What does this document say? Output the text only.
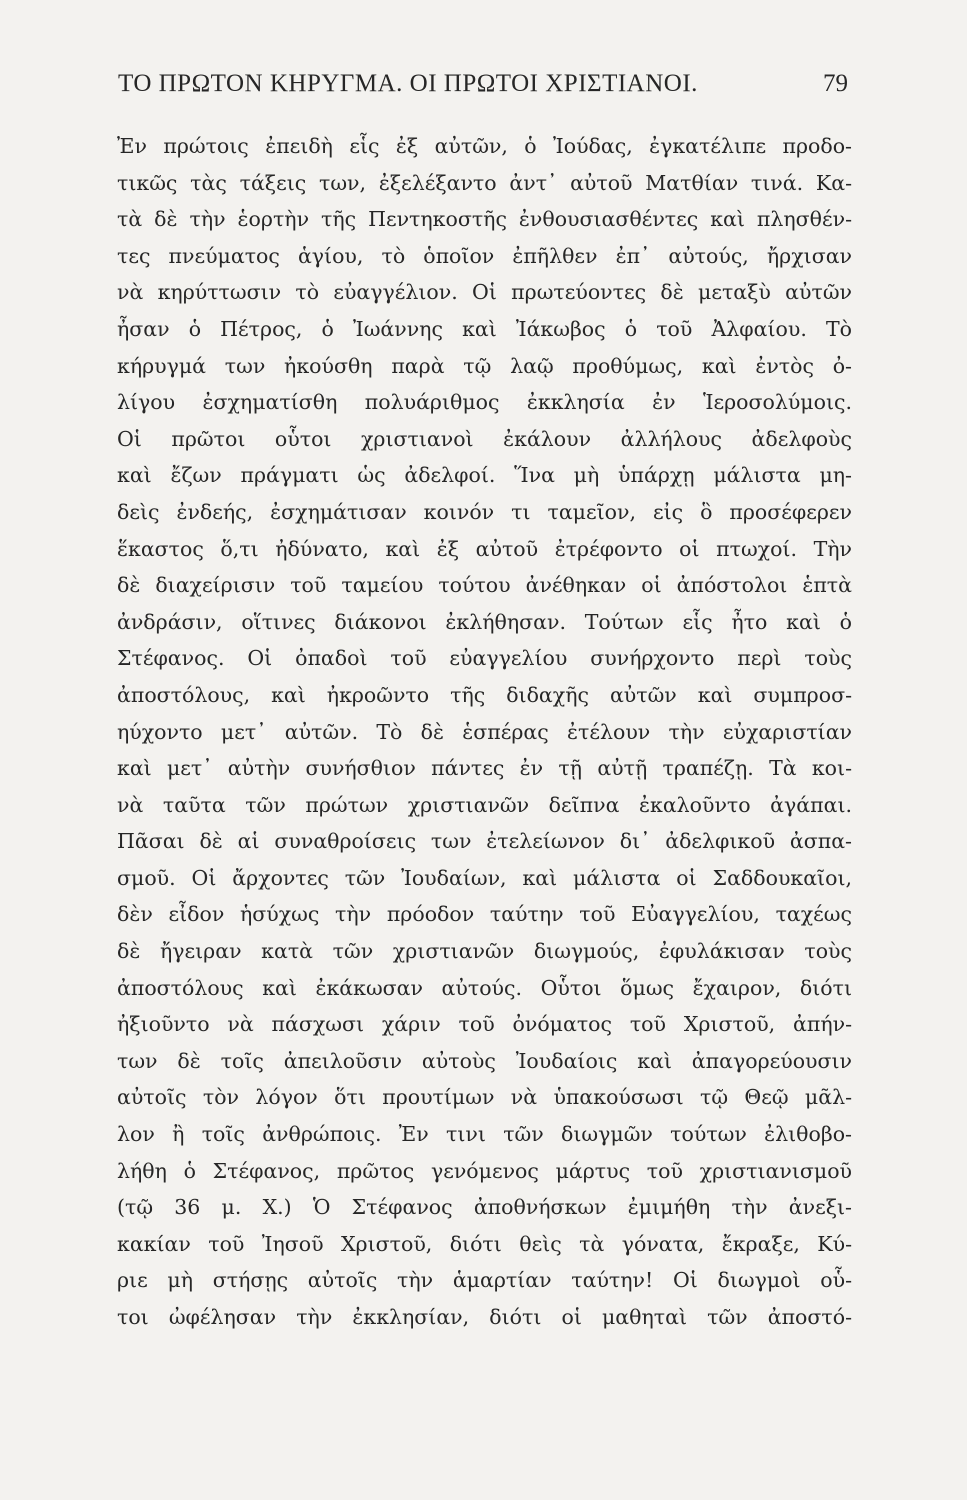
ΤΟ ΠΡΩΤΟΝ ΚΗΡΥΓΜΑ. ΟΙ ΠΡΩΤΟΙ ΧΡΙΣΤΙΑΝΟΙ.	79
Ἐν πρώτοις ἐπειδὴ εἷς ἐξ αὐτῶν, ὁ Ἰούδας, ἐγκατέλιπε προδο-
τικῶς τὰς τάξεις των, ἐξελέξαντο ἀντ᾽ αὐτοῦ Ματθίαν τινά. Κα-
τὰ δὲ τὴν ἑορτὴν τῆς Πεντηκοστῆς ἐνθουσιασθέντες καὶ πλησθέν-
τες πνεύματος ἁγίου, τὸ ὁποῖον ἐπῆλθεν ἐπ᾽ αὐτούς, ἤρχισαν
νὰ κηρύττωσιν τὸ εὐαγγέλιον. Οἱ πρωτεύοντες δὲ μεταξὺ αὐτῶν
ἦσαν ὁ Πέτρος, ὁ Ἰωάννης καὶ Ἰάκωβος ὁ τοῦ Ἀλφαίου. Τὸ
κήρυγμά των ἠκούσθη παρὰ τῷ λαῷ προθύμως, καὶ ἐντὸς ὀ-
λίγου ἐσχηματίσθη πολυάριθμος ἐκκλησία ἐν Ἱεροσολύμοις.
Οἱ πρῶτοι οὗτοι χριστιανοὶ ἐκάλουν ἀλλήλους ἀδελφοὺς
καὶ ἔζων πράγματι ὡς ἀδελφοί. Ἵνα μὴ ὑπάρχῃ μάλιστα μη-
δεὶς ἐνδεής, ἐσχημάτισαν κοινόν τι ταμεῖον, εἰς ὃ προσέφερεν
ἕκαστος ὅ,τι ἠδύνατο, καὶ ἐξ αὐτοῦ ἐτρέφοντο οἱ πτωχοί. Τὴν
δὲ διαχείρισιν τοῦ ταμείου τούτου ἀνέθηκαν οἱ ἀπόστολοι ἑπτὰ
ἀνδράσιν, οἵτινες διάκονοι ἐκλήθησαν. Τούτων εἷς ἦτο καὶ ὁ
Στέφανος. Οἱ ὀπαδοὶ τοῦ εὐαγγελίου συνήρχοντο περὶ τοὺς
ἀποστόλους, καὶ ἠκροῶντο τῆς διδαχῆς αὐτῶν καὶ συμπροσ-
ηύχοντο μετ᾽ αὐτῶν. Τὸ δὲ ἑσπέρας ἐτέλουν τὴν εὐχαριστίαν
καὶ μετ᾽ αὐτὴν συνήσθιον πάντες ἐν τῇ αὐτῇ τραπέζῃ. Τὰ κοι-
νὰ ταῦτα τῶν πρώτων χριστιανῶν δεῖπνα ἐκαλοῦντο ἀγάπαι.
Πᾶσαι δὲ αἱ συναθροίσεις των ἐτελείωνον δι᾽ ἀδελφικοῦ ἀσπα-
σμοῦ. Οἱ ἄρχοντες τῶν Ἰουδαίων, καὶ μάλιστα οἱ Σαδδουκαῖοι,
δὲν εἶδον ἡσύχως τὴν πρόοδον ταύτην τοῦ Εὐαγγελίου, ταχέως
δὲ ἤγειραν κατὰ τῶν χριστιανῶν διωγμούς, ἐφυλάκισαν τοὺς
ἀποστόλους καὶ ἐκάκωσαν αὐτούς. Οὗτοι ὅμως ἔχαιρον, διότι
ἠξιοῦντο νὰ πάσχωσι χάριν τοῦ ὀνόματος τοῦ Χριστοῦ, ἀπήν-
των δὲ τοῖς ἀπειλοῦσιν αὐτοὺς Ἰουδαίοις καὶ ἀπαγορεύουσιν
αὐτοῖς τὸν λόγον ὅτι προυτίμων νὰ ὑπακούσωσι τῷ Θεῷ μᾶλ-
λον ἢ τοῖς ἀνθρώποις. Ἐν τινι τῶν διωγμῶν τούτων ἐλιθοβο-
λήθη ὁ Στέφανος, πρῶτος γενόμενος μάρτυς τοῦ χριστιανισμοῦ
(τῷ 36 μ. Χ.) Ὁ Στέφανος ἀποθνήσκων ἐμιμήθη τὴν ἀνεξι-
κακίαν τοῦ Ἰησοῦ Χριστοῦ, διότι θεὶς τὰ γόνατα, ἔκραξε, Κύ-
ριε μὴ στήσῃς αὐτοῖς τὴν ἁμαρτίαν ταύτην! Οἱ διωγμοὶ οὗ-
τοι ὠφέλησαν τὴν ἐκκλησίαν, διότι οἱ μαθηταὶ τῶν ἀποστό-
